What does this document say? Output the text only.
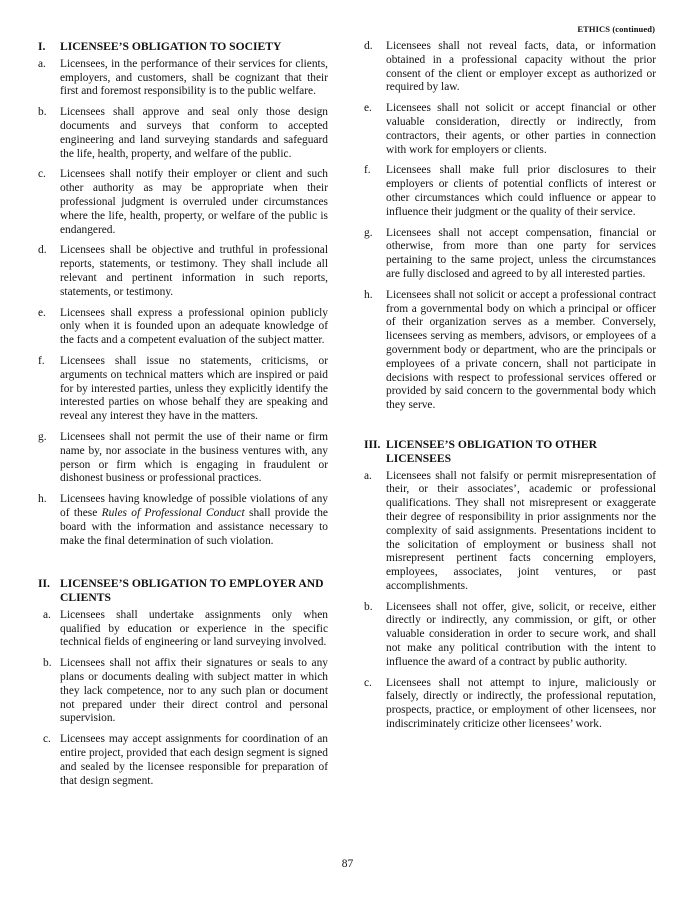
ETHICS (continued)
I.	LICENSEE’S OBLIGATION TO SOCIETY
a.	Licensees, in the performance of their services for clients, employers, and customers, shall be cognizant that their first and foremost responsibility is to the public welfare.
b.	Licensees shall approve and seal only those design documents and surveys that conform to accepted engineering and land surveying standards and safeguard the life, health, property, and welfare of the public.
c.	Licensees shall notify their employer or client and such other authority as may be appropriate when their professional judgment is overruled under circumstances where the life, health, property, or welfare of the public is endangered.
d.	Licensees shall be objective and truthful in professional reports, statements, or testimony. They shall include all relevant and pertinent information in such reports, statements, or testimony.
e.	Licensees shall express a professional opinion publicly only when it is founded upon an adequate knowledge of the facts and a competent evaluation of the subject matter.
f.	Licensees shall issue no statements, criticisms, or arguments on technical matters which are inspired or paid for by interested parties, unless they explicitly identify the interested parties on whose behalf they are speaking and reveal any interest they have in the matters.
g.	Licensees shall not permit the use of their name or firm name by, nor associate in the business ventures with, any person or firm which is engaging in fraudulent or dishonest business or professional practices.
h.	Licensees having knowledge of possible violations of any of these Rules of Professional Conduct shall provide the board with the information and assistance necessary to make the final determination of such violation.
II. LICENSEE’S OBLIGATION TO EMPLOYER AND CLIENTS
a. Licensees shall undertake assignments only when qualified by education or experience in the specific technical fields of engineering or land surveying involved.
b. Licensees shall not affix their signatures or seals to any plans or documents dealing with subject matter in which they lack competence, nor to any such plan or document not prepared under their direct control and personal supervision.
c. Licensees may accept assignments for coordination of an entire project, provided that each design segment is signed and sealed by the licensee responsible for preparation of that design segment.
d.	Licensees shall not reveal facts, data, or information obtained in a professional capacity without the prior consent of the client or employer except as authorized or required by law.
e.	Licensees shall not solicit or accept financial or other valuable consideration, directly or indirectly, from contractors, their agents, or other parties in connection with work for employers or clients.
f.	Licensees shall make full prior disclosures to their employers or clients of potential conflicts of interest or other circumstances which could influence or appear to influence their judgment or the quality of their service.
g.	Licensees shall not accept compensation, financial or otherwise, from more than one party for services pertaining to the same project, unless the circumstances are fully disclosed and agreed to by all interested parties.
h.	Licensees shall not solicit or accept a professional contract from a governmental body on which a principal or officer of their organization serves as a member. Conversely, licensees serving as members, advisors, or employees of a government body or department, who are the principals or employees of a private concern, shall not participate in decisions with respect to professional services offered or provided by said concern to the governmental body which they serve.
III. LICENSEE’S OBLIGATION TO OTHER LICENSEES
a.	Licensees shall not falsify or permit misrepresentation of their, or their associates’, academic or professional qualifications. They shall not misrepresent or exaggerate their degree of responsibility in prior assignments nor the complexity of said assignments. Presentations incident to the solicitation of employment or business shall not misrepresent pertinent facts concerning employers, employees, associates, joint ventures, or past accomplishments.
b.	Licensees shall not offer, give, solicit, or receive, either directly or indirectly, any commission, or gift, or other valuable consideration in order to secure work, and shall not make any political contribution with the intent to influence the award of a contract by public authority.
c.	Licensees shall not attempt to injure, maliciously or falsely, directly or indirectly, the professional reputation, prospects, practice, or employment of other licensees, nor indiscriminately criticize other licensees’ work.
87
